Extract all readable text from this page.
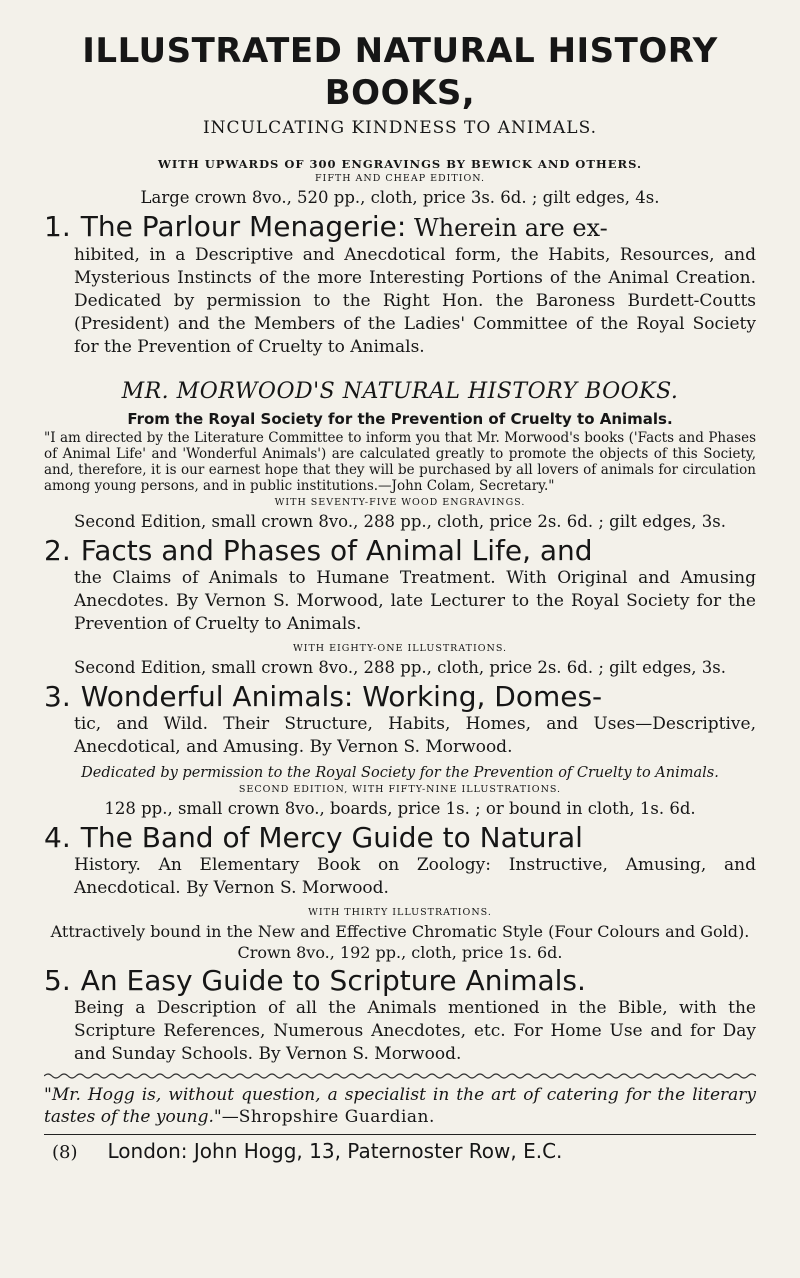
ILLUSTRATED NATURAL HISTORY BOOKS,
INCULCATING KINDNESS TO ANIMALS.
WITH UPWARDS OF 300 ENGRAVINGS BY BEWICK AND OTHERS.
FIFTH AND CHEAP EDITION.
Large crown 8vo., 520 pp., cloth, price 3s. 6d. ; gilt edges, 4s.

1. The Parlour Menagerie: Wherein are ex-

hibited, in a Descriptive and Anecdotical form, the Habits, Resources, and Mysterious Instincts of the more Interesting Portions of the Animal Creation. Dedicated by permission to the Right Hon. the Baroness Burdett-Coutts (President) and the Members of the Ladies' Committee of the Royal Society for the Prevention of Cruelty to Animals.

MR. MORWOOD'S NATURAL HISTORY BOOKS.
From the Royal Society for the Prevention of Cruelty to Animals.

"I am directed by the Literature Committee to inform you that Mr. Morwood's books ('Facts and Phases of Animal Life' and 'Wonderful Animals') are calculated greatly to promote the objects of this Society, and, therefore, it is our earnest hope that they will be purchased by all lovers of animals for circulation among young persons, and in public institutions.—John Colam, Secretary."

WITH SEVENTY-FIVE WOOD ENGRAVINGS.
Second Edition, small crown 8vo., 288 pp., cloth, price 2s. 6d. ; gilt edges, 3s.

2. Facts and Phases of Animal Life, and

the Claims of Animals to Humane Treatment. With Original and Amusing Anecdotes. By Vernon S. Morwood, late Lecturer to the Royal Society for the Prevention of Cruelty to Animals.

WITH EIGHTY-ONE ILLUSTRATIONS.
Second Edition, small crown 8vo., 288 pp., cloth, price 2s. 6d. ; gilt edges, 3s.

3. Wonderful Animals: Working, Domes-

tic, and Wild. Their Structure, Habits, Homes, and Uses—Descriptive, Anecdotical, and Amusing. By Vernon S. Morwood.

Dedicated by permission to the Royal Society for the Prevention of Cruelty to Animals.
SECOND EDITION, WITH FIFTY-NINE ILLUSTRATIONS.
128 pp., small crown 8vo., boards, price 1s. ; or bound in cloth, 1s. 6d.

4. The Band of Mercy Guide to Natural

History. An Elementary Book on Zoology: Instructive, Amusing, and Anecdotical. By Vernon S. Morwood.

WITH THIRTY ILLUSTRATIONS.
Attractively bound in the New and Effective Chromatic Style (Four Colours and Gold). Crown 8vo., 192 pp., cloth, price 1s. 6d.

5. An Easy Guide to Scripture Animals.

Being a Description of all the Animals mentioned in the Bible, with the Scripture References, Numerous Anecdotes, etc. For Home Use and for Day and Sunday Schools. By Vernon S. Morwood.

"Mr. Hogg is, without question, a specialist in the art of catering for the literary tastes of the young."—Shropshire Guardian.

(8) London: John Hogg, 13, Paternoster Row, E.C.
